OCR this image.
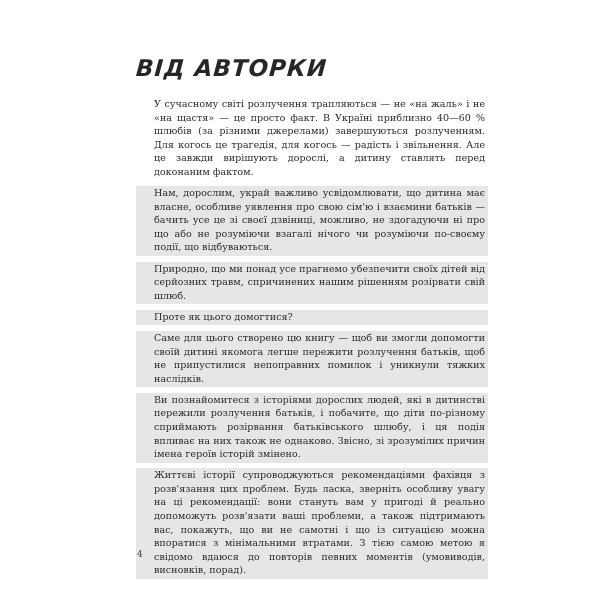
ВІД АВТОРКИ

У сучасному світі розлучення трапляються — не «на жаль» і не «на щастя» — це просто факт. В Україні приблизно 40—60 % шлюбів (за різними джерелами) завершуються розлученням. Для когось це трагедія, для когось — радість і звільнення. Але це завжди вирішують дорослі, а дитину ставлять перед доконаним фактом.

Нам, дорослим, украй важливо усвідомлювати, що дитина має власне, особливе уявлення про свою сім'ю і взаємини батьків — бачить усе це зі своєї дзвіниці, можливо, не здогадуючи ні про що або не розуміючи взагалі нічого чи розуміючи по-своєму події, що відбуваються.

Природно, що ми понад усе прагнемо убезпечити своїх дітей від серйозних травм, спричинених нашим рішенням розірвати свій шлюб.

Проте як цього домогтися?

Саме для цього створено цю книгу — щоб ви змогли допомогти своїй дитині якомога легше пережити розлучення батьків, щоб не припустилися непоправних помилок і уникнули тяжких наслідків.

Ви познайомитеся з історіями дорослих людей, які в дитинстві пережили розлучення батьків, і побачите, що діти по-різному сприймають розірвання батьківського шлюбу, і ця подія впливає на них також не однаково. Звісно, зі зрозумілих причин імена героїв історій змінено.

Життєві історії супроводжуються рекомендаціями фахівця з розв'язання цих проблем. Будь ласка, зверніть особливу увагу на ці рекомендації: вони стануть вам у пригоді й реально допоможуть розв'язати ваші проблеми, а також підтримають вас, покажуть, що ви не самотні і що із ситуацією можна впоратися з мінімальними втратами. З тією самою метою я свідомо вдаюся до повторів певних моментів (умовиводів, висновків, порад).

4
